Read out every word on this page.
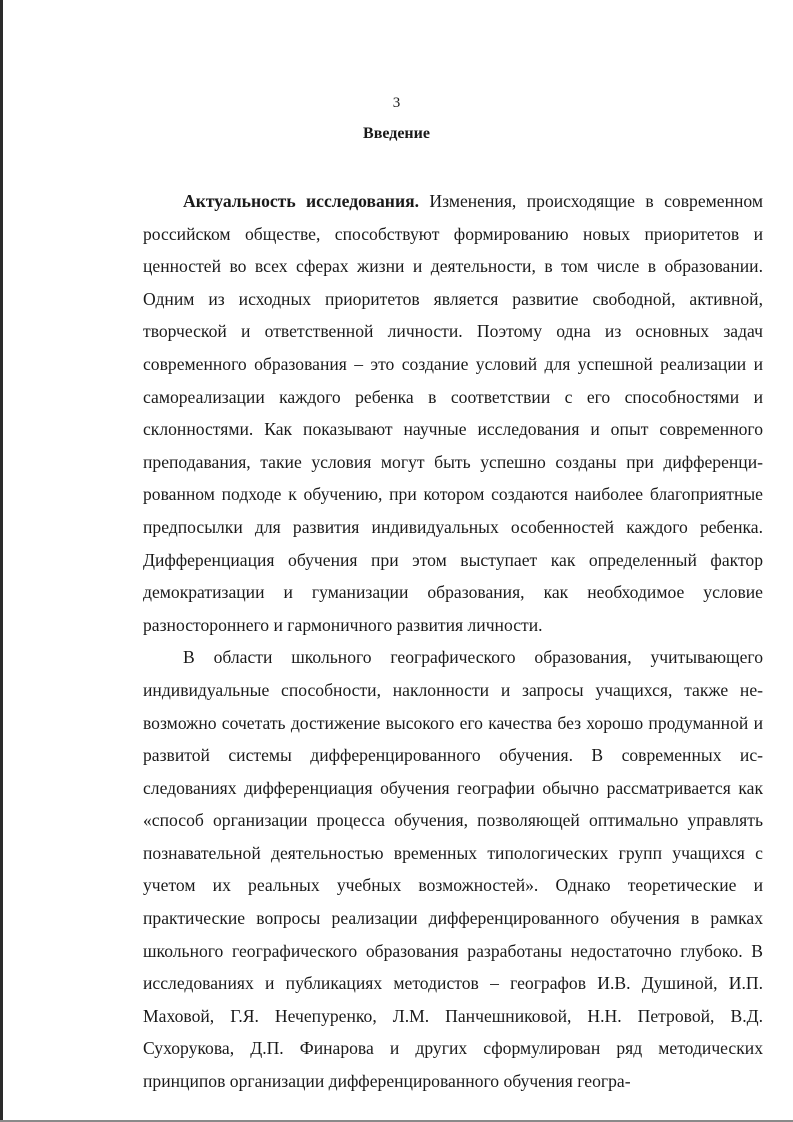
3
Введение

Актуальность исследования. Изменения, происходящие в современном российском обществе, способствуют формированию новых приоритетов и ценностей во всех сферах жизни и деятельности, в том числе в образовании. Одним из исходных приоритетов является развитие свободной, активной, творческой и ответственной личности. Поэтому одна из основных задач современного образования – это создание условий для успешной реализации и самореализации каждого ребенка в соответствии с его способностями и склонностями. Как показывают научные исследования и опыт современного преподавания, такие условия могут быть успешно созданы при дифференцированном подходе к обучению, при котором создаются наиболее благоприятные предпосылки для развития индивидуальных особенностей каждого ребенка. Дифференциация обучения при этом выступает как определенный фактор демократизации и гуманизации образования, как необходимое условие разностороннего и гармоничного развития личности.

В области школьного географического образования, учитывающего индивидуальные способности, наклонности и запросы учащихся, также невозможно сочетать достижение высокого его качества без хорошо продуманной и развитой системы дифференцированного обучения. В современных исследованиях дифференциация обучения географии обычно рассматривается как «способ организации процесса обучения, позволяющей оптимально управлять познавательной деятельностью временных типологических групп учащихся с учетом их реальных учебных возможностей». Однако теоретические и практические вопросы реализации дифференцированного обучения в рамках школьного географического образования разработаны недостаточно глубоко. В исследованиях и публикациях методистов – географов И.В. Душиной, И.П. Маховой, Г.Я. Нечепуренко, Л.М. Панчешниковой, Н.Н. Петровой, В.Д. Сухорукова, Д.П. Финарова и других сформулирован ряд методических принципов организации дифференцированного обучения геогра-
